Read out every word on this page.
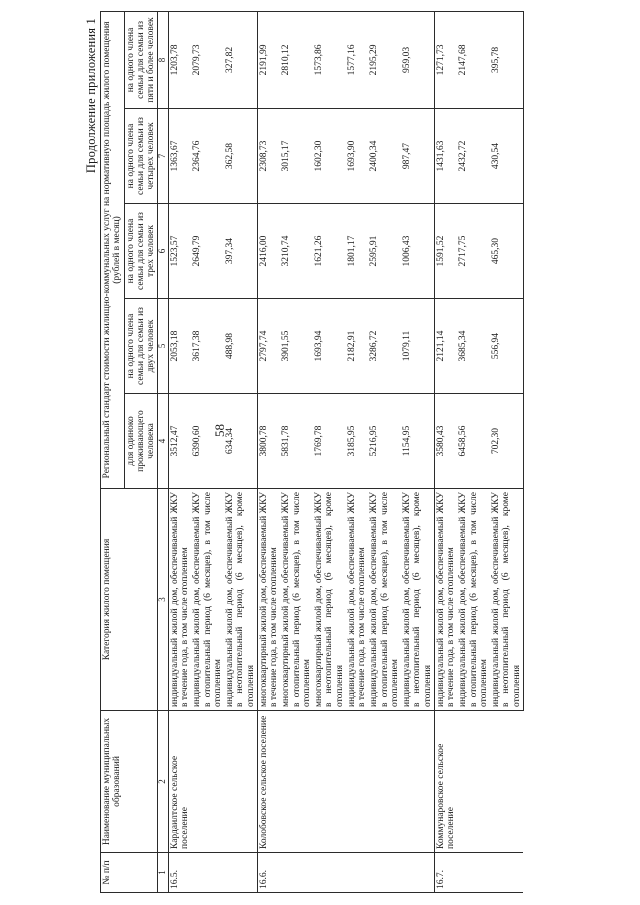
58
Продолжение приложения 1
№ п/п	Наименование муниципальных образований	Категория жилого помещения	Региональный стандарт стоимости жилищно-коммунальных услуг на нормативную площадь жилого помещения (рублей в месяц)				
			для одиноко проживающего человека	на одного члена семьи для семьи из двух человек	на одного члена семьи для семьи из трех человек	на одного члена семьи для семьи из четырех человек	на одного члена семьи для семьи из пяти и более человек
1	2	3	4	5	6	7	8
16.5.	Кардаилтское сельское поселение	индивидуальный жилой дом, обеспечиваемый ЖКУ в течение года, в том числе отоплением	3512,47	2053,18	1523,57	1363,67	1203,78
		индивидуальный жилой дом, обеспечиваемый ЖКУ в отопительный период (6 месяцев), в том числе отоплением	6390,60	3617,38	2649,79	2364,76	2079,73
		индивидуальный жилой дом, обеспечиваемый ЖКУ в неотопительный период (6 месяцев), кроме отопления	634,34	488,98	397,34	362,58	327,82
16.6.	Колобовское сельское поселение	многоквартирный жилой дом, обеспечиваемый ЖКУ в течение года, в том числе отоплением	3800,78	2797,74	2416,00	2308,73	2191,99
		многоквартирный жилой дом, обеспечиваемый ЖКУ в отопительный период (6 месяцев), в том числе отоплением	5831,78	3901,55	3210,74	3015,17	2810,12
		многоквартирный жилой дом, обеспечиваемый ЖКУ в неотопительный период (6 месяцев), кроме отопления	1769,78	1693,94	1621,26	1602,30	1573,86
		индивидуальный жилой дом, обеспечиваемый ЖКУ в течение года, в том числе отоплением	3185,95	2182,91	1801,17	1693,90	1577,16
		индивидуальный жилой дом, обеспечиваемый ЖКУ в отопительный период (6 месяцев), в том числе отоплением	5216,95	3286,72	2595,91	2400,34	2195,29
		индивидуальный жилой дом, обеспечиваемый ЖКУ в неотопительный период (6 месяцев), кроме отопления	1154,95	1079,11	1006,43	987,47	959,03
16.7.	Коммунаровское сельское поселение	индивидуальный жилой дом, обеспечиваемый ЖКУ в течение года, в том числе отоплением	3580,43	2121,14	1591,52	1431,63	1271,73
		индивидуальный жилой дом, обеспечиваемый ЖКУ в отопительный период (6 месяцев), в том числе отоплением	6458,56	3685,34	2717,75	2432,72	2147,68
		индивидуальный жилой дом, обеспечиваемый ЖКУ в неотопительный период (6 месяцев), кроме отопления	702,30	556,94	465,30	430,54	395,78
